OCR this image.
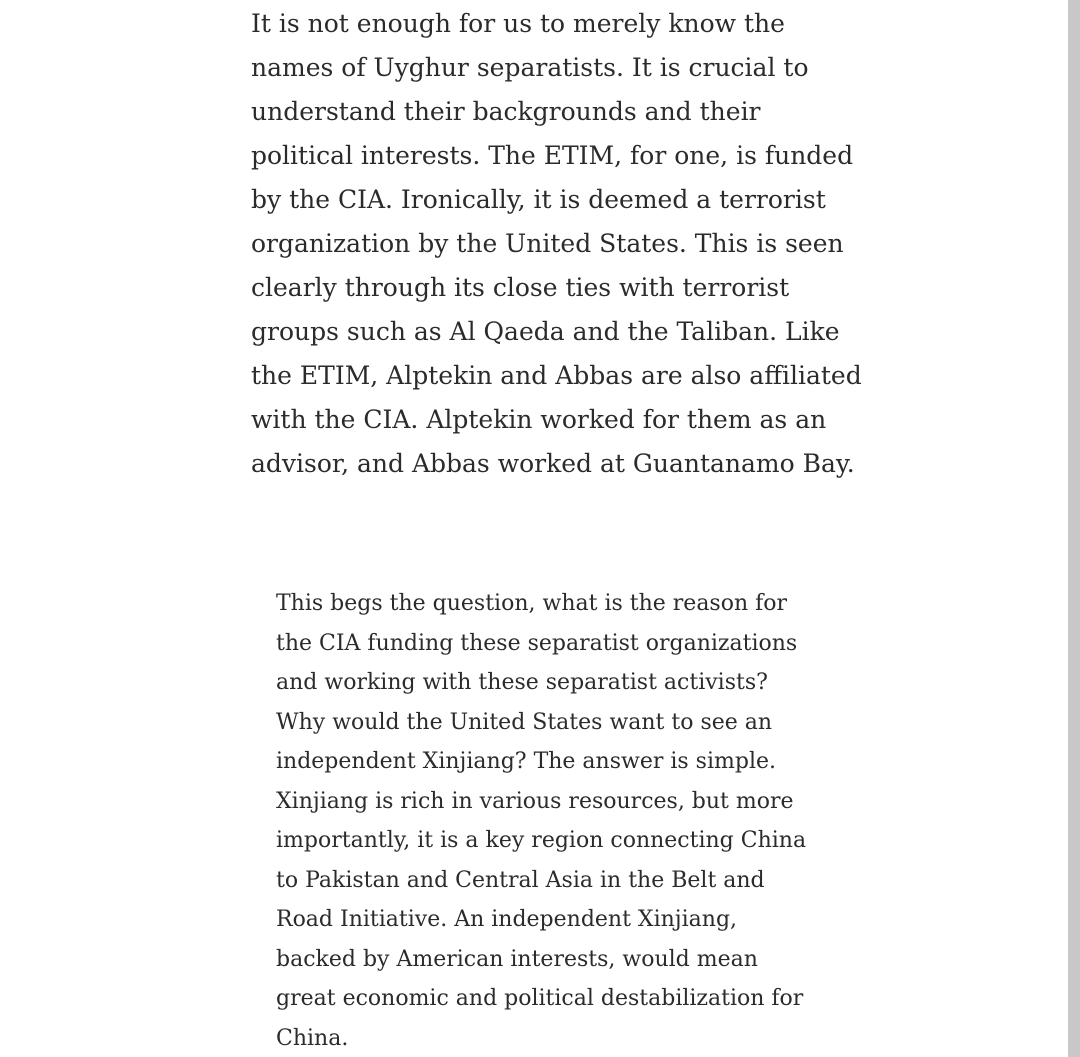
It is not enough for us to merely know the
names of Uyghur separatists. It is crucial to
understand their backgrounds and their
political interests. The ETIM, for one, is funded
by the CIA. Ironically, it is deemed a terrorist
organization by the United States. This is seen
clearly through its close ties with terrorist
groups such as Al Qaeda and the Taliban. Like
the ETIM, Alptekin and Abbas are also affiliated
with the CIA. Alptekin worked for them as an
advisor, and Abbas worked at Guantanamo Bay.

This begs the question, what is the reason for
the CIA funding these separatist organizations
and working with these separatist activists?
Why would the United States want to see an
independent Xinjiang? The answer is simple.
Xinjiang is rich in various resources, but more
importantly, it is a key region connecting China
to Pakistan and Central Asia in the Belt and
Road Initiative. An independent Xinjiang,
backed by American interests, would mean
great economic and political destabilization for
China.
